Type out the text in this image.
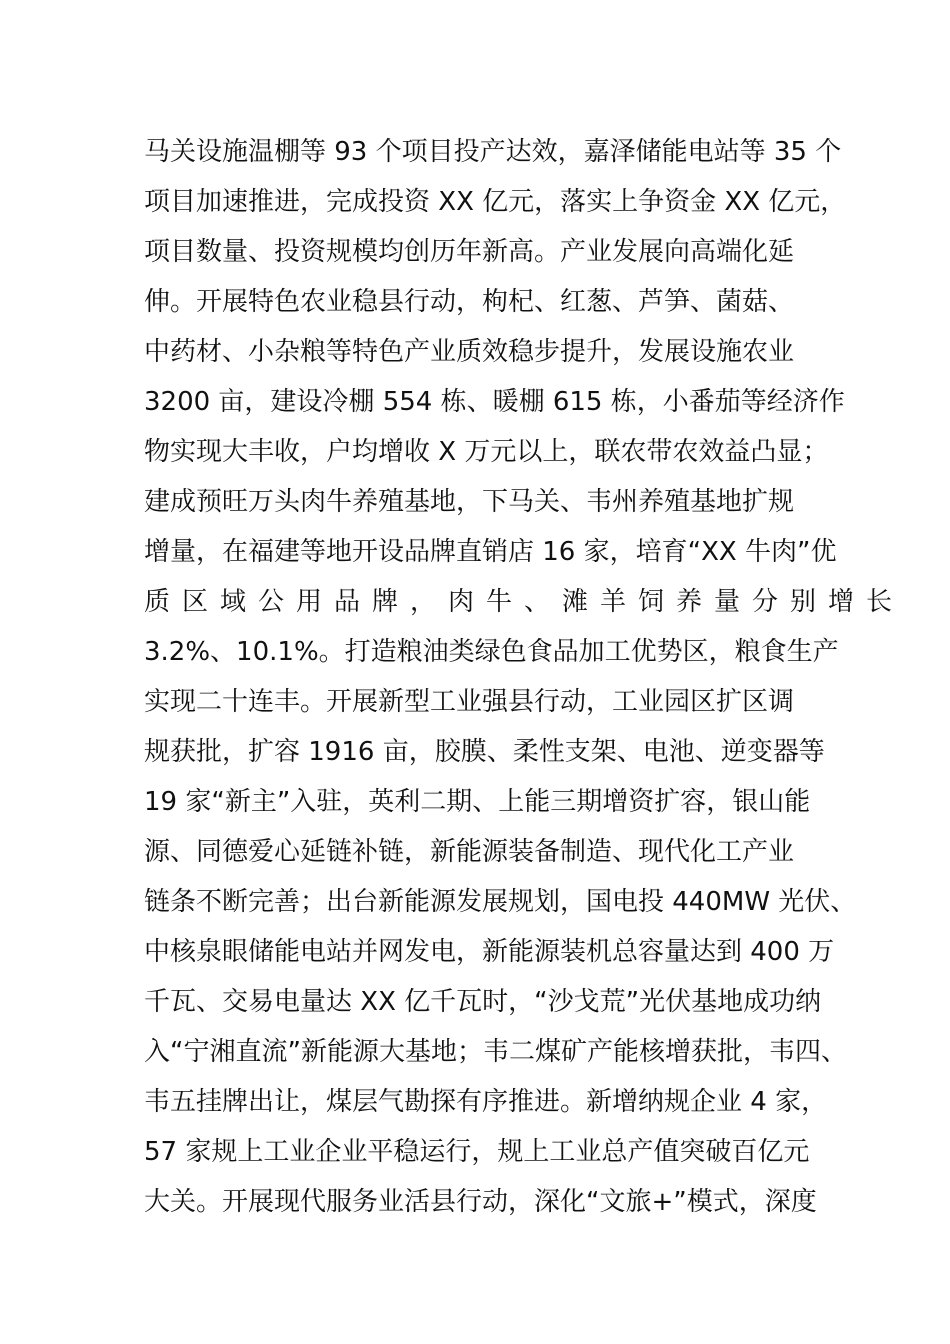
马关设施温棚等 93 个项目投产达效，嘉泽储能电站等 35 个
项目加速推进，完成投资 XX 亿元，落实上争资金 XX 亿元，
项目数量、投资规模均创历年新高。产业发展向高端化延
伸。开展特色农业稳县行动，枸杞、红葱、芦笋、菌菇、
中药材、小杂粮等特色产业质效稳步提升，发展设施农业
3200 亩，建设冷棚 554 栋、暖棚 615 栋，小番茄等经济作
物实现大丰收，户均增收 X 万元以上，联农带农效益凸显；
建成预旺万头肉牛养殖基地，下马关、韦州养殖基地扩规
增量，在福建等地开设品牌直销店 16 家，培育“XX 牛肉”优
质区域公用品牌，肉牛、滩羊饲养量分别增长
3.2%、10.1%。打造粮油类绿色食品加工优势区，粮食生产
实现二十连丰。开展新型工业强县行动，工业园区扩区调
规获批，扩容 1916 亩，胶膜、柔性支架、电池、逆变器等
19 家“新主”入驻，英利二期、上能三期增资扩容，银山能
源、同德爱心延链补链，新能源装备制造、现代化工产业
链条不断完善；出台新能源发展规划，国电投 440MW 光伏、
中核泉眼储能电站并网发电，新能源装机总容量达到 400 万
千瓦、交易电量达 XX 亿千瓦时，“沙戈荒”光伏基地成功纳
入“宁湘直流”新能源大基地；韦二煤矿产能核增获批，韦四、
韦五挂牌出让，煤层气勘探有序推进。新增纳规企业 4 家，
57 家规上工业企业平稳运行，规上工业总产值突破百亿元
大关。开展现代服务业活县行动，深化“文旅+”模式，深度
